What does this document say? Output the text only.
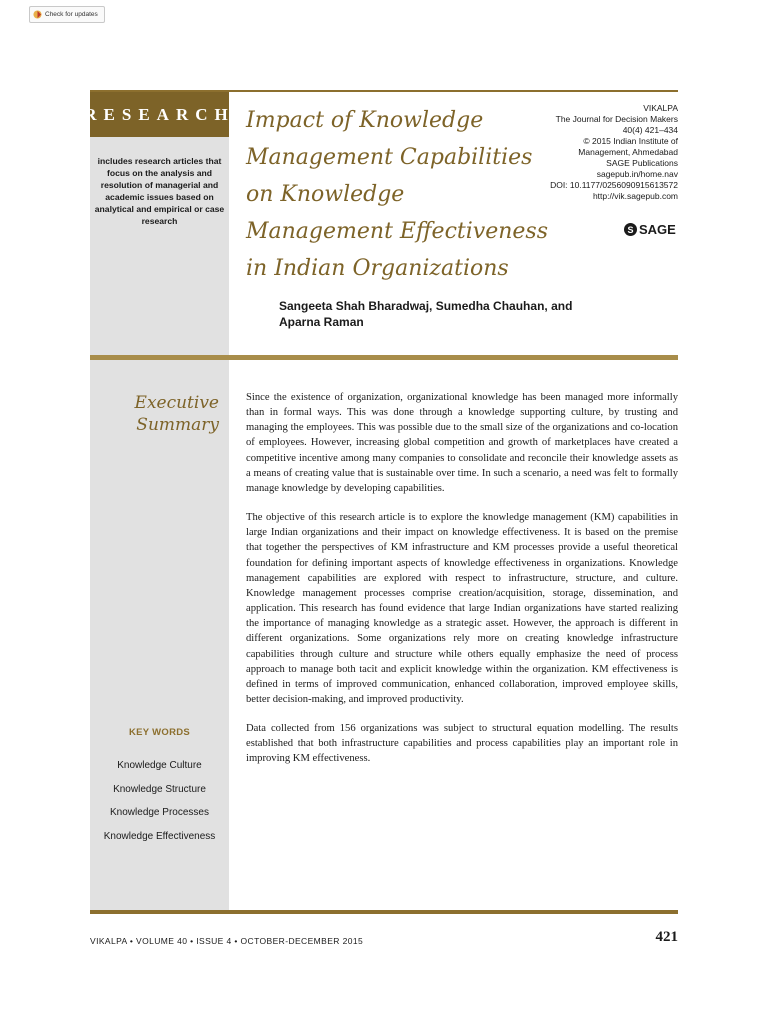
Check for updates
RESEARCH
includes research articles that focus on the analysis and resolution of managerial and academic issues based on analytical and empirical or case research
Impact of Knowledge
Management Capabilities
on Knowledge
Management Effectiveness
in Indian Organizations
VIKALPA
The Journal for Decision Makers
40(4) 421–434
© 2015 Indian Institute of
Management, Ahmedabad
SAGE Publications
sagepub.in/home.nav
DOI: 10.1177/0256090915613572
http://vik.sagepub.com
S SAGE
Sangeeta Shah Bharadwaj, Sumedha Chauhan, and
Aparna Raman
Executive
Summary

Since the existence of organization, organizational knowledge has been managed more informally than in formal ways. This was done through a knowledge supporting culture, by trusting and managing the employees. This was possible due to the small size of the organizations and co-location of employees. However, increasing global competition and growth of marketplaces have created a competitive incentive among many companies to consolidate and reconcile their knowledge assets as a means of creating value that is sustainable over time. In such a scenario, a need was felt to formally manage knowledge by developing capabilities.

The objective of this research article is to explore the knowledge management (KM) capabilities in large Indian organizations and their impact on knowledge effectiveness. It is based on the premise that together the perspectives of KM infrastructure and KM processes provide a useful theoretical foundation for defining important aspects of knowledge effectiveness in organizations. Knowledge management capabilities are explored with respect to infrastructure, structure, and culture. Knowledge management processes comprise creation/acquisition, storage, dissemination, and application. This research has found evidence that large Indian organizations have started realizing the importance of managing knowledge as a strategic asset. However, the approach is different in different organizations. Some organizations rely more on creating knowledge infrastructure capabilities through culture and structure while others equally emphasize the need of process approach to manage both tacit and explicit knowledge within the organization. KM effectiveness is defined in terms of improved communication, enhanced collaboration, improved employee skills, better decision-making, and improved productivity.

Data collected from 156 organizations was subject to structural equation modelling. The results established that both infrastructure capabilities and process capabilities play an important role in improving KM effectiveness.

KEY WORDS
Knowledge Culture
Knowledge Structure
Knowledge Processes
Knowledge Effectiveness
VIKALPA • VOLUME 40 • ISSUE 4 • OCTOBER-DECEMBER 2015	421
